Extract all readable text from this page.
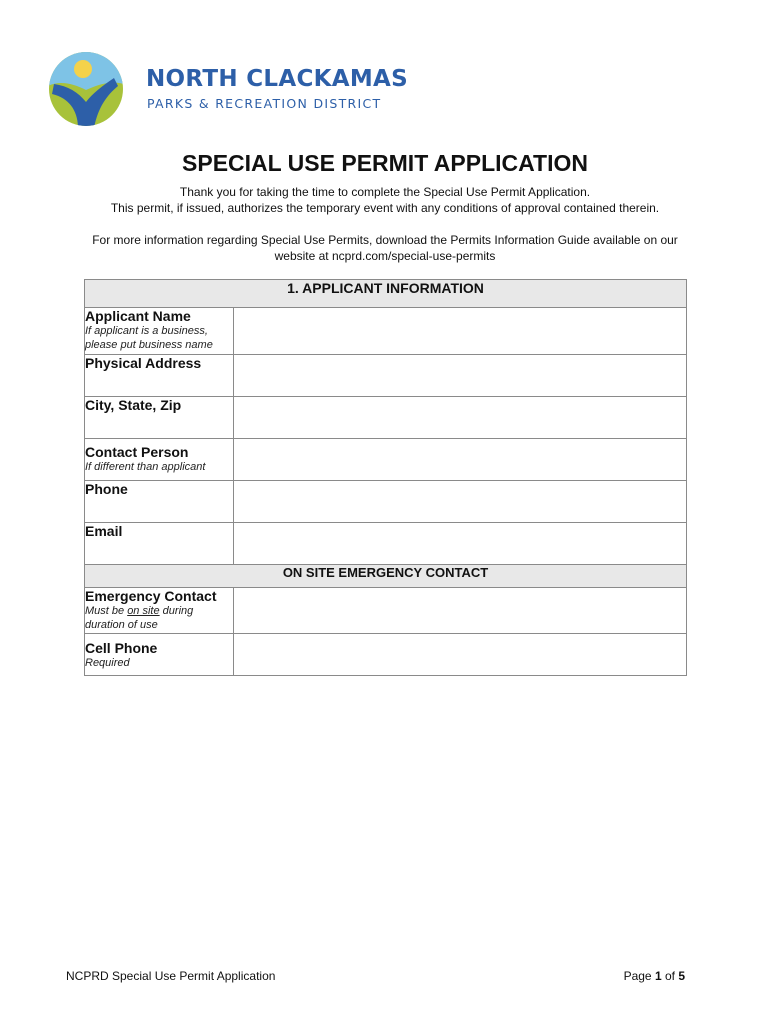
NORTH CLACKAMAS
PARKS & RECREATION DISTRICT
SPECIAL USE PERMIT APPLICATION

Thank you for taking the time to complete the Special Use Permit Application.

This permit, if issued, authorizes the temporary event with any conditions of approval contained therein.

For more information regarding Special Use Permits, download the Permits Information Guide available on our

website at ncprd.com/special-use-permits

1. APPLICANT INFORMATION	

Applicant Name
If applicant is a business, please put business name	

Physical Address	

City, State, Zip	

Contact Person
If different than applicant	

Phone	

Email	

ON SITE EMERGENCY CONTACT	

Emergency Contact
Must be on site during duration of use	

Cell Phone
Required	

NCPRD Special Use Permit Application	Page 1 of 5
